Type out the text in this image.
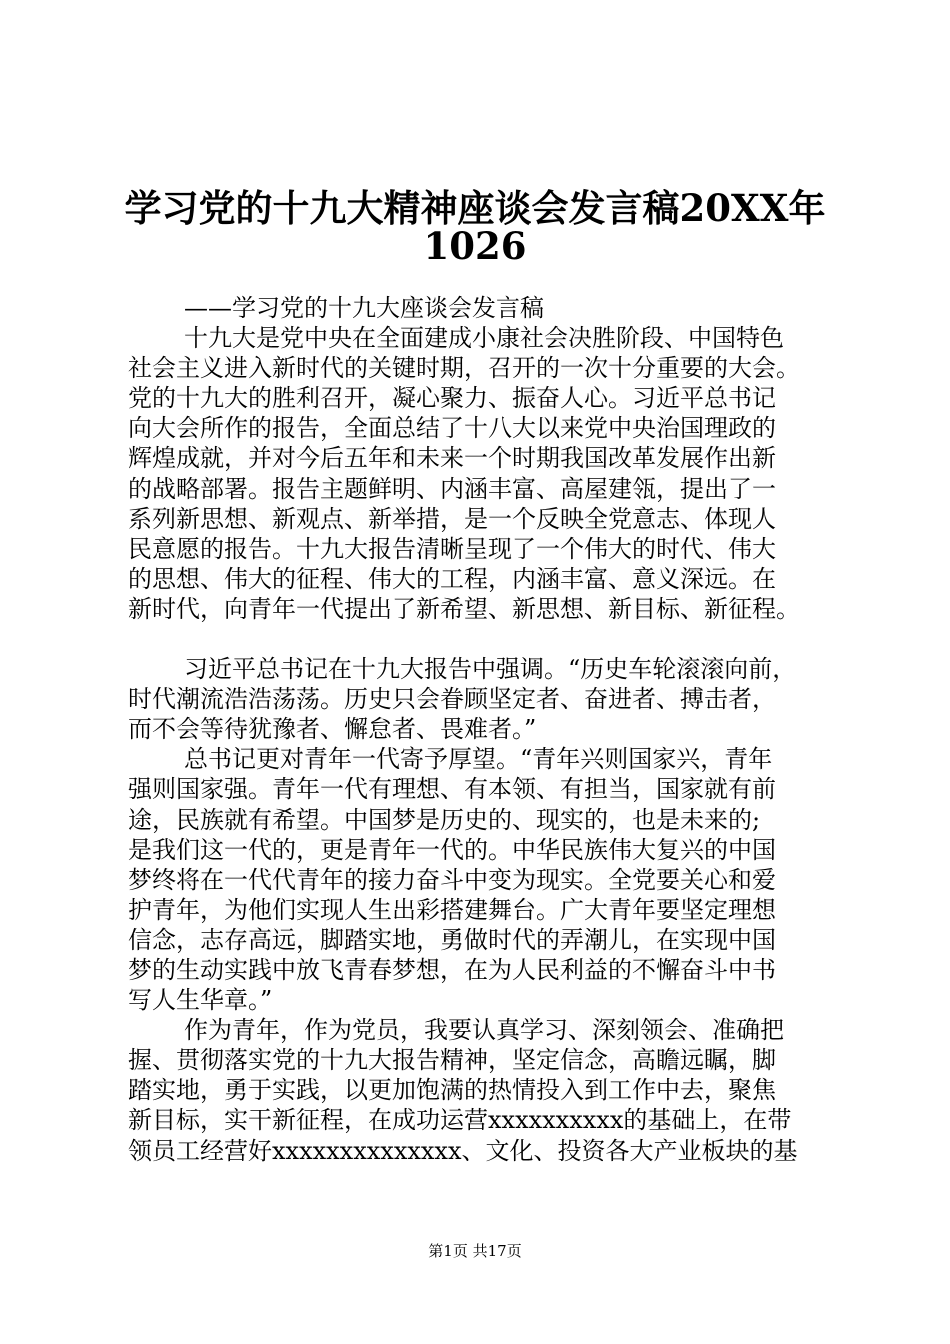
学习党的十九大精神座谈会发言稿20XX年
1026
——学习党的十九大座谈会发言稿
十九大是党中央在全面建成小康社会决胜阶段、中国特色
社会主义进入新时代的关键时期，召开的一次十分重要的大会。
党的十九大的胜利召开，凝心聚力、振奋人心。习近平总书记
向大会所作的报告，全面总结了十八大以来党中央治国理政的
辉煌成就，并对今后五年和未来一个时期我国改革发展作出新
的战略部署。报告主题鲜明、内涵丰富、高屋建瓴，提出了一
系列新思想、新观点、新举措，是一个反映全党意志、体现人
民意愿的报告。十九大报告清晰呈现了一个伟大的时代、伟大
的思想、伟大的征程、伟大的工程，内涵丰富、意义深远。在
新时代，向青年一代提出了新希望、新思想、新目标、新征程。
习近平总书记在十九大报告中强调。“历史车轮滚滚向前，
时代潮流浩浩荡荡。历史只会眷顾坚定者、奋进者、搏击者，
而不会等待犹豫者、懈怠者、畏难者。”
总书记更对青年一代寄予厚望。“青年兴则国家兴，青年
强则国家强。青年一代有理想、有本领、有担当，国家就有前
途，民族就有希望。中国梦是历史的、现实的，也是未来的;
是我们这一代的，更是青年一代的。中华民族伟大复兴的中国
梦终将在一代代青年的接力奋斗中变为现实。全党要关心和爱
护青年，为他们实现人生出彩搭建舞台。广大青年要坚定理想
信念，志存高远，脚踏实地，勇做时代的弄潮儿，在实现中国
梦的生动实践中放飞青春梦想，在为人民利益的不懈奋斗中书
写人生华章。”
作为青年，作为党员，我要认真学习、深刻领会、准确把
握、贯彻落实党的十九大报告精神，坚定信念，高瞻远瞩，脚
踏实地，勇于实践，以更加饱满的热情投入到工作中去，聚焦
新目标，实干新征程，在成功运营xxxxxxxxxx的基础上，在带
领员工经营好xxxxxxxxxxxxxx、文化、投资各大产业板块的基
第1页 共17页
